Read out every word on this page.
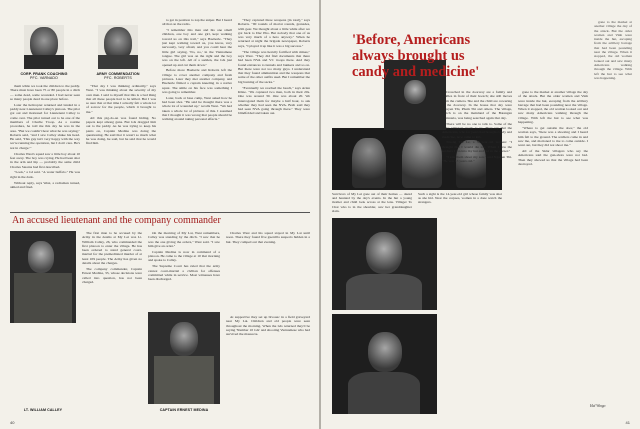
CORP. FRANK COACHING
PFC. VARNADO
ARMY COMMENDATION
PFC. ROBERTS

them while we took the children to the paddy. There must have been 75 or 80 people in a ditch — some dead, some wounded. I had never seen so many people dead in one place before.

Later the helicopter returned and landed in a paddy near Lieutenant Calley's platoon. The pilot got out and motioned for Lieutenant Calley to come over. The pilot turned out to be one of the members of Charlie Troop. As a routine procedure, he told me this day he was in the area. "But we couldn't hear what he was saying," Roberts said, "and I saw Calley shake his head. He said, 'This guy isn't very happy with the way we're running the operation, but I don't care. He's not in charge.'"

Charles West's squad saw a little boy about 10 feet away. The boy was crying. He had been shot in the arm and hip — probably the same child Charles Stearns had first described.

"Look," a GI said. "A water buffalo." He was right in the dark.

Without reply, says West, a radioman turned, aimed and fired.

"That day I was thinking ordinarily," says West. "I was thinking about the severity of my own men. I said to myself that this is a bad thing that all these people had to be killed. But I was so sure that at that time I actually felt a whole lot of sorrow for the people, which it brought to me."

All this pig-do-an was found hiding. No papers kept among guns. But GIs dragged him out to the paddy. As he was trying to keep his pants on, Captain Medina was doing the questioning. He said that it wasn't so much what he was doing, he said, but he said that he would find him.

to get in position to zap the sniper. But I heard all that on the radio.

"I remember this man and his one small children, one boy and one girl, kept walking toward us on this trail," says Haeberle. "They just kept walking toward us, you know, very nervously, very afraid, and you could hear the little girl saying, 'No, no,' in the Vietnamese tongue. The girl was on the right and the boy was on the left. All of a sudden, the GIs just opened up and cut them down."

Before more Haeberle and Roberts left the village to cover another company and fresh pictures. Later they met another company, and Haeberle filmed a captain kneeling in a native squat. The smile on his face was something I was going to remember.

Later, back at base camp, West asked how he had been shot. "He said he thought there was a whole lot of wounded up," recalls West. "We had taken a whole lot of pictures of this. I assumed that I thought it was wrong that people should be walking around taking personal effects."

"They captured three weapons [in total]," says Roberts. "90 rounds of mortar rounds, grenades, with gear. We thought about a little while after we got back to Duc Pho. But nobody that one of us was very much of a hero anyway." When he returned at night the brigade newspaper, Roberts says, "I played it up like it was a big success."

"The village was heavily fortified with mines," says West. "They did find documents that there had been NVA and VC troops there. And they found entrances to tunnels and bunkers and so on. But there were not too many guys. I understand that they found ammunition and the weapons that some of the other outfits used. But I remember the big burning of the sacks."

"Eventually we reached the beach," says Arlen Kline. "We captured two men, both in their 20s. One was around 30. One was about 20. We interrogated them for maybe a half hour, to ask whether they had seen the NVA. Both said they had seen NVA going through there." They were blindfolded and taken out.

An accused lieutenant and the company commander
LT. WILLIAM CALLEY

The first man to be accused by the Army in the deaths at My Lai was Lt. William Calley, 26, who commanded the first platoon to enter the village. He has been ordered to stand general court-martial for the premeditated murder of at least 109 people. The Army has given no details about the charges.

The company commander, Captain Ernest Medina, 33, whose decisions were called into question, has not been charged.

CAPTAIN ERNEST MEDINA

On the morning of My Lai, West remembers, Calley was standing by the ditch. "I saw that he was the one giving the orders," West said. "I saw him give an order."

Captain Medina is now in command of a platoon. He came to the village at 10 that morning and spoke to Calley.

The Supreme Court has ruled that the army cannot court-martial a civilian for offenses committed while in service. Most witnesses have been discharged.

Charles West and his squad stayed in My Lai until noon. There they found five guerrilla suspects hidden in a hut. They camped out that evening.

At supportive they set up bivouac in a field graveyard near My Lai. Children and old people were seen throughout the morning. When the GIs returned they'd be saying 'Number 10 GIs' and shooting Vietnamese who had survived the massacre.

40
'Before, Americans always brought us candy and medicine'
Survivors of My Lai gaze out of their homes — dazed and haunted by the day's events. In the hut a young mother and child look across at the lens. Villager To Chat who is in the shoulder, saw her granddaughter slain.
Such a sight is the 14-year-old girl whose family was shot as she hid. Near the corpses, women in a daze watch the strangers.

Crouched in the doorway are a family and piddles in front of their hootch; she still moves from the camera. She and the child are cowering in the doorway. In the house that day were Nguyen Thi, Pham Thi and others. The village, which is on the mainland of the Batangan Peninsula, was being searched again that day.

There will be no one to talk to. Some of the older villagers speak to us. They say that the Americans, who for years had brought candy and medicine, now came to kill.

Truong Thi Le, a 54-year-old woman: "I thought that I would die too. When I saw the soldiers I ran into my hut and hid in the corner."

"I saw them shoot my son," said Nguyen Thi. "He was 13 years old."

gone to the market at another village the day of the attack. But the older women and Vinh were inside the hut, escaping from the artillery barrage that had been pounding near the village. When it stopped, the old woman looked out and saw many Americans walking through the village. With left the hut to see what was happening.

"Where to get outside the door," the old woman says, "there was a shooting and I heard him fall to the ground. The soldiers came in and saw me, and motioned to me to come outside. I went out, but they did not shoot me."

All of the Sklar villagers who say the Americans said the gun-shots were not bad. Then they showed us that the village had been destroyed.

gone to the market at another village the day of the attack. But the older women and Vinh were inside the hut, escaping from the artillery barrage that had been pounding near the village. When it stopped, the old woman looked out and saw many Americans walking through the village. With left the hut to see what was happening.

Hal Wingo
41
